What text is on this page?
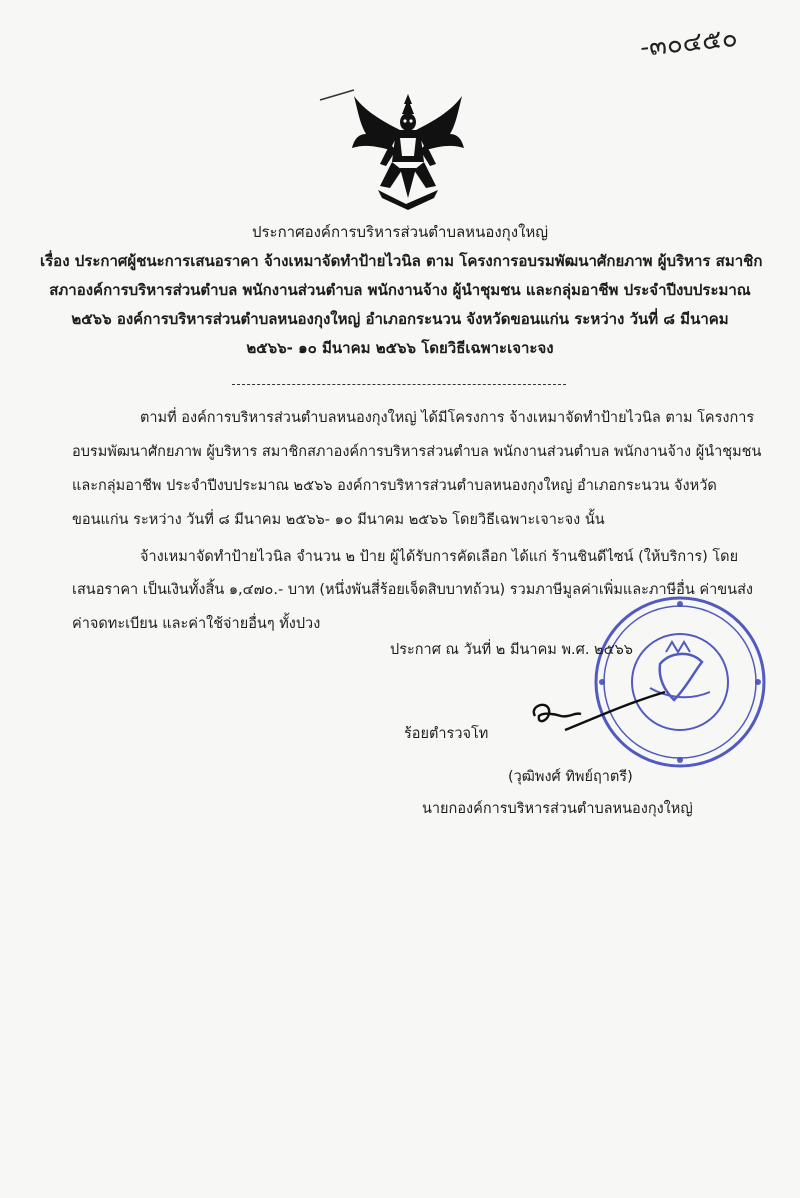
-๓๐๔๕๐
ประกาศองค์การบริหารส่วนตำบลหนองกุงใหญ่
เรื่อง ประกาศผู้ชนะการเสนอราคา จ้างเหมาจัดทำป้ายไวนิล ตาม โครงการอบรมพัฒนาศักยภาพ ผู้บริหาร สมาชิก
สภาองค์การบริหารส่วนตำบล พนักงานส่วนตำบล พนักงานจ้าง ผู้นำชุมชน และกลุ่มอาชีพ ประจำปีงบประมาณ
๒๕๖๖ องค์การบริหารส่วนตำบลหนองกุงใหญ่ อำเภอกระนวน จังหวัดขอนแก่น ระหว่าง วันที่ ๘ มีนาคม
๒๕๖๖- ๑๐ มีนาคม ๒๕๖๖ โดยวิธีเฉพาะเจาะจง
ตามที่ องค์การบริหารส่วนตำบลหนองกุงใหญ่ ได้มีโครงการ จ้างเหมาจัดทำป้ายไวนิล ตาม โครงการ
อบรมพัฒนาศักยภาพ ผู้บริหาร สมาชิกสภาองค์การบริหารส่วนตำบล พนักงานส่วนตำบล พนักงานจ้าง ผู้นำชุมชน
และกลุ่มอาชีพ ประจำปีงบประมาณ ๒๕๖๖ องค์การบริหารส่วนตำบลหนองกุงใหญ่ อำเภอกระนวน จังหวัด
ขอนแก่น ระหว่าง วันที่ ๘ มีนาคม ๒๕๖๖- ๑๐ มีนาคม ๒๕๖๖ โดยวิธีเฉพาะเจาะจง นั้น
จ้างเหมาจัดทำป้ายไวนิล จำนวน ๒ ป้าย ผู้ได้รับการคัดเลือก ได้แก่ ร้านชินดีไซน์ (ให้บริการ) โดย
เสนอราคา เป็นเงินทั้งสิ้น ๑,๔๗๐.- บาท (หนึ่งพันสี่ร้อยเจ็ดสิบบาทถ้วน) รวมภาษีมูลค่าเพิ่มและภาษีอื่น ค่าขนส่ง
ค่าจดทะเบียน และค่าใช้จ่ายอื่นๆ ทั้งปวง
ประกาศ ณ วันที่ ๒ มีนาคม พ.ศ. ๒๕๖๖
ร้อยตำรวจโท
(วุฒิพงศ์ ทิพย์ฤาตรี)
นายกองค์การบริหารส่วนตำบลหนองกุงใหญ่
